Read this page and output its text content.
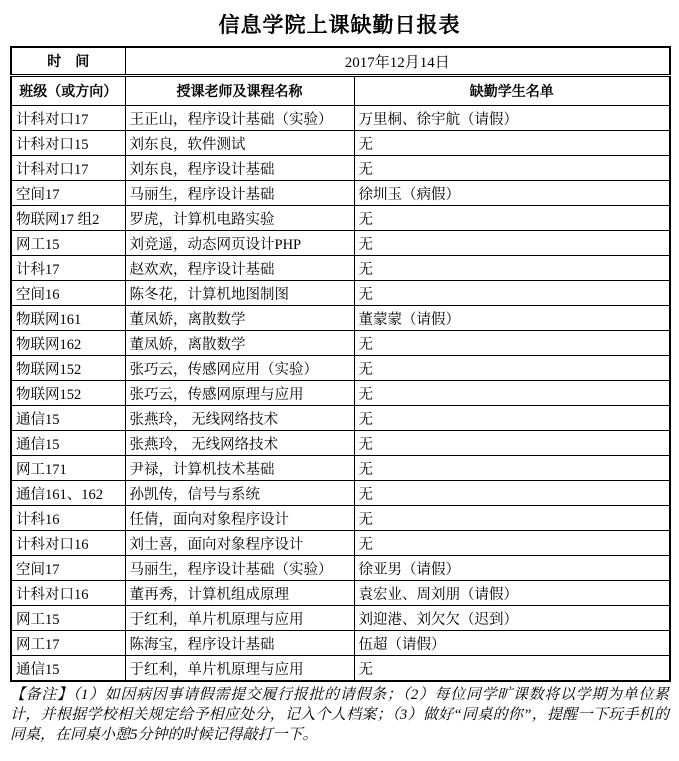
信息学院上课缺勤日报表
时　间	2017年12月14日	
班级（或方向）	授课老师及课程名称	缺勤学生名单
计科对口17	王正山，程序设计基础（实验）	万里桐、徐宇航（请假）
计科对口15	刘东良，软件测试	无
计科对口17	刘东良，程序设计基础	无
空间17	马丽生，程序设计基础	徐圳玉（病假）
物联网17 组2	罗虎，计算机电路实验	无
网工15	刘竞遥，动态网页设计PHP	无
计科17	赵欢欢，程序设计基础	无
空间16	陈冬花，计算机地图制图	无
物联网161	董凤娇，离散数学	董蒙蒙（请假）
物联网162	董凤娇，离散数学	无
物联网152	张巧云，传感网应用（实验）	无
物联网152	张巧云，传感网原理与应用	无
通信15	张燕玲， 无线网络技术	无
通信15	张燕玲， 无线网络技术	无
网工171	尹禄，计算机技术基础	无
通信161、162	孙凯传，信号与系统	无
计科16	任倩，面向对象程序设计	无
计科对口16	刘士喜，面向对象程序设计	无
空间17	马丽生，程序设计基础（实验）	徐亚男（请假）
计科对口16	董再秀，计算机组成原理	袁宏业、周刘朋（请假）
网工15	于红利，单片机原理与应用	刘迎港、刘欠欠（迟到）
网工17	陈海宝，程序设计基础	伍超（请假）
通信15	于红利，单片机原理与应用	无

【备注】（1）如因病因事请假需提交履行报批的请假条；（2）每位同学旷课数将以学期为单位累计，并根据学校相关规定给予相应处分，记入个人档案；（3）做好“同桌的你”，提醒一下玩手机的同桌，在同桌小憩5分钟的时候记得敲打一下。
